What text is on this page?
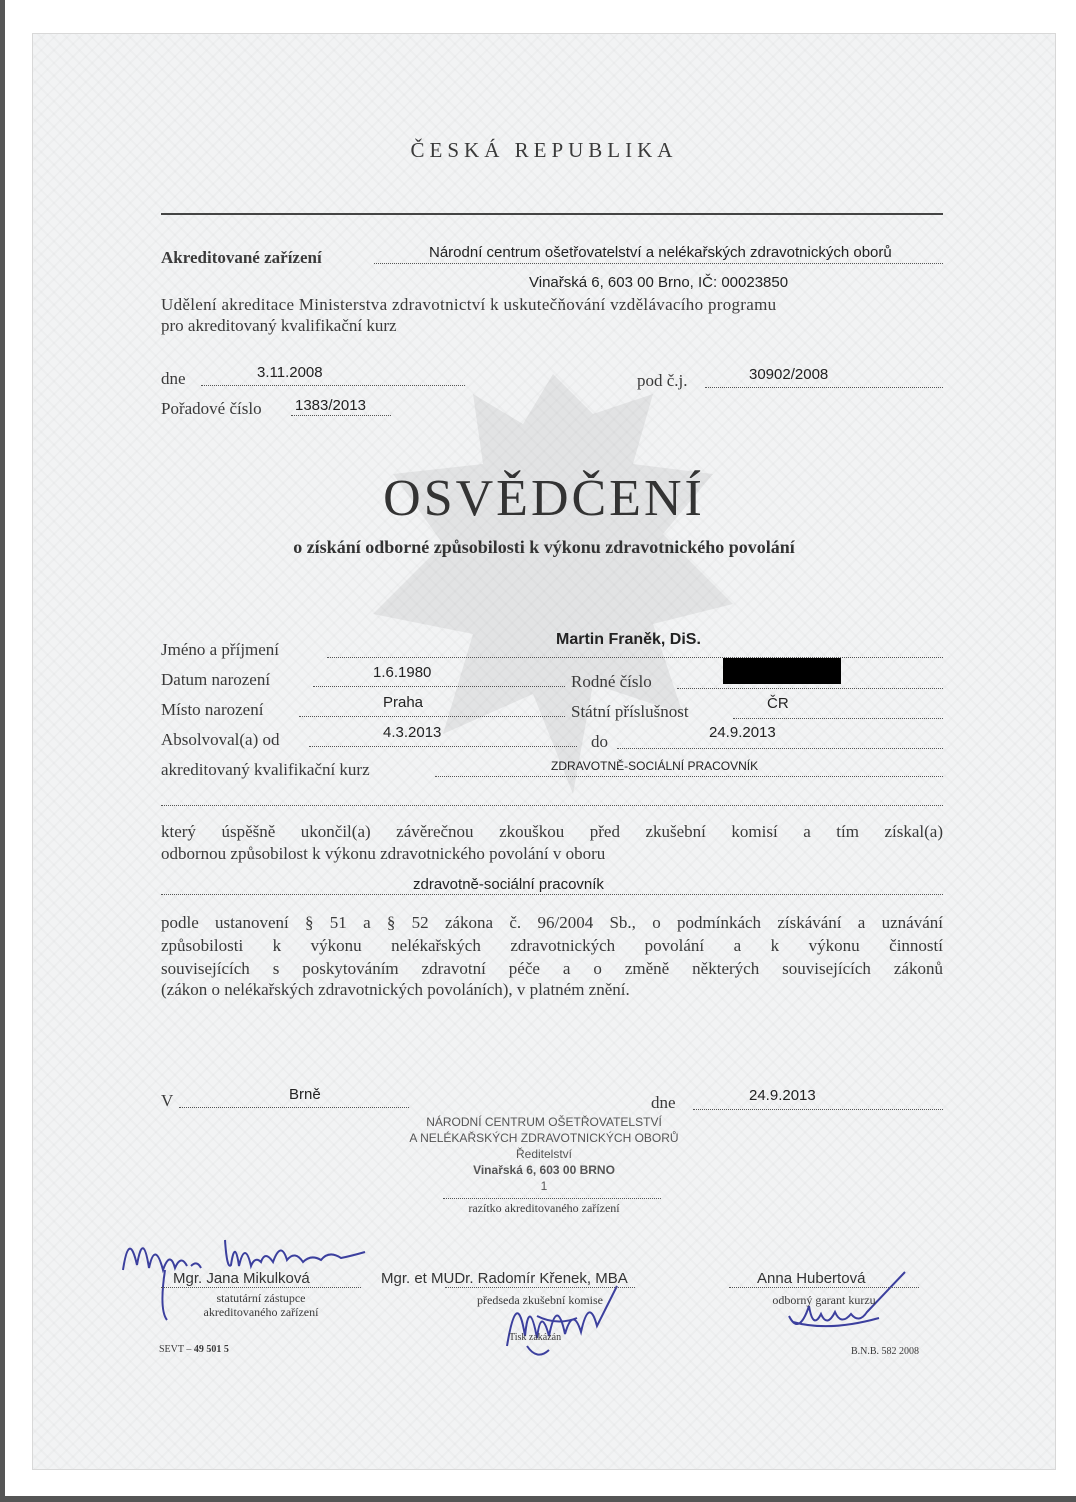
ČESKÁ REPUBLIKA
Akreditované zařízení	Národní centrum ošetřovatelství a nelékařských zdravotnických oborů
Vinařská 6, 603 00 Brno, IČ: 00023850
Udělení akreditace Ministerstva zdravotnictví k uskutečňování vzdělávacího programu
pro akreditovaný kvalifikační kurz
dne	3.11.2008	pod č.j.	30902/2008
Pořadové číslo 1383/2013
OSVĚDČENÍ
o získání odborné způsobilosti k výkonu zdravotnického povolání
Jméno a příjmení
Martin Franěk, DiS.
Datum narození	1.6.1980	Rodné číslo
Místo narození	Praha	Státní příslušnost	ČR
Absolvoval(a) od	4.3.2013	do	24.9.2013
akreditovaný kvalifikační kurz	ZDRAVOTNĚ-SOCIÁLNÍ PRACOVNÍK
který úspěšně ukončil(a) závěrečnou zkouškou před zkušební komisí a tím získal(a)
odbornou způsobilost k výkonu zdravotnického povolání v oboru
zdravotně-sociální pracovník
podle ustanovení § 51 a § 52 zákona č. 96/2004 Sb., o podmínkách získávání a uznávání
způsobilosti k výkonu nelékařských zdravotnických povolání a k výkonu činností
souvisejících s poskytováním zdravotní péče a o změně některých souvisejících zákonů
(zákon o nelékařských zdravotnických povoláních), v platném znění.
V	Brně	dne	24.9.2013
NÁRODNÍ CENTRUM OŠETŘOVATELSTVÍ
A NELÉKAŘSKÝCH ZDRAVOTNICKÝCH OBORŮ
Ředitelství
Vinařská 6, 603 00 BRNO
1
razítko akreditovaného zařízení
Mgr. Jana Mikulková
statutární zástupce
akreditovaného zařízení
Mgr. et MUDr. Radomír Křenek, MBA
předseda zkušební komise
Anna Hubertová
odborný garant kurzu
SEVT – 49 501 5
Tisk zakázán
B.N.B. 582 2008
